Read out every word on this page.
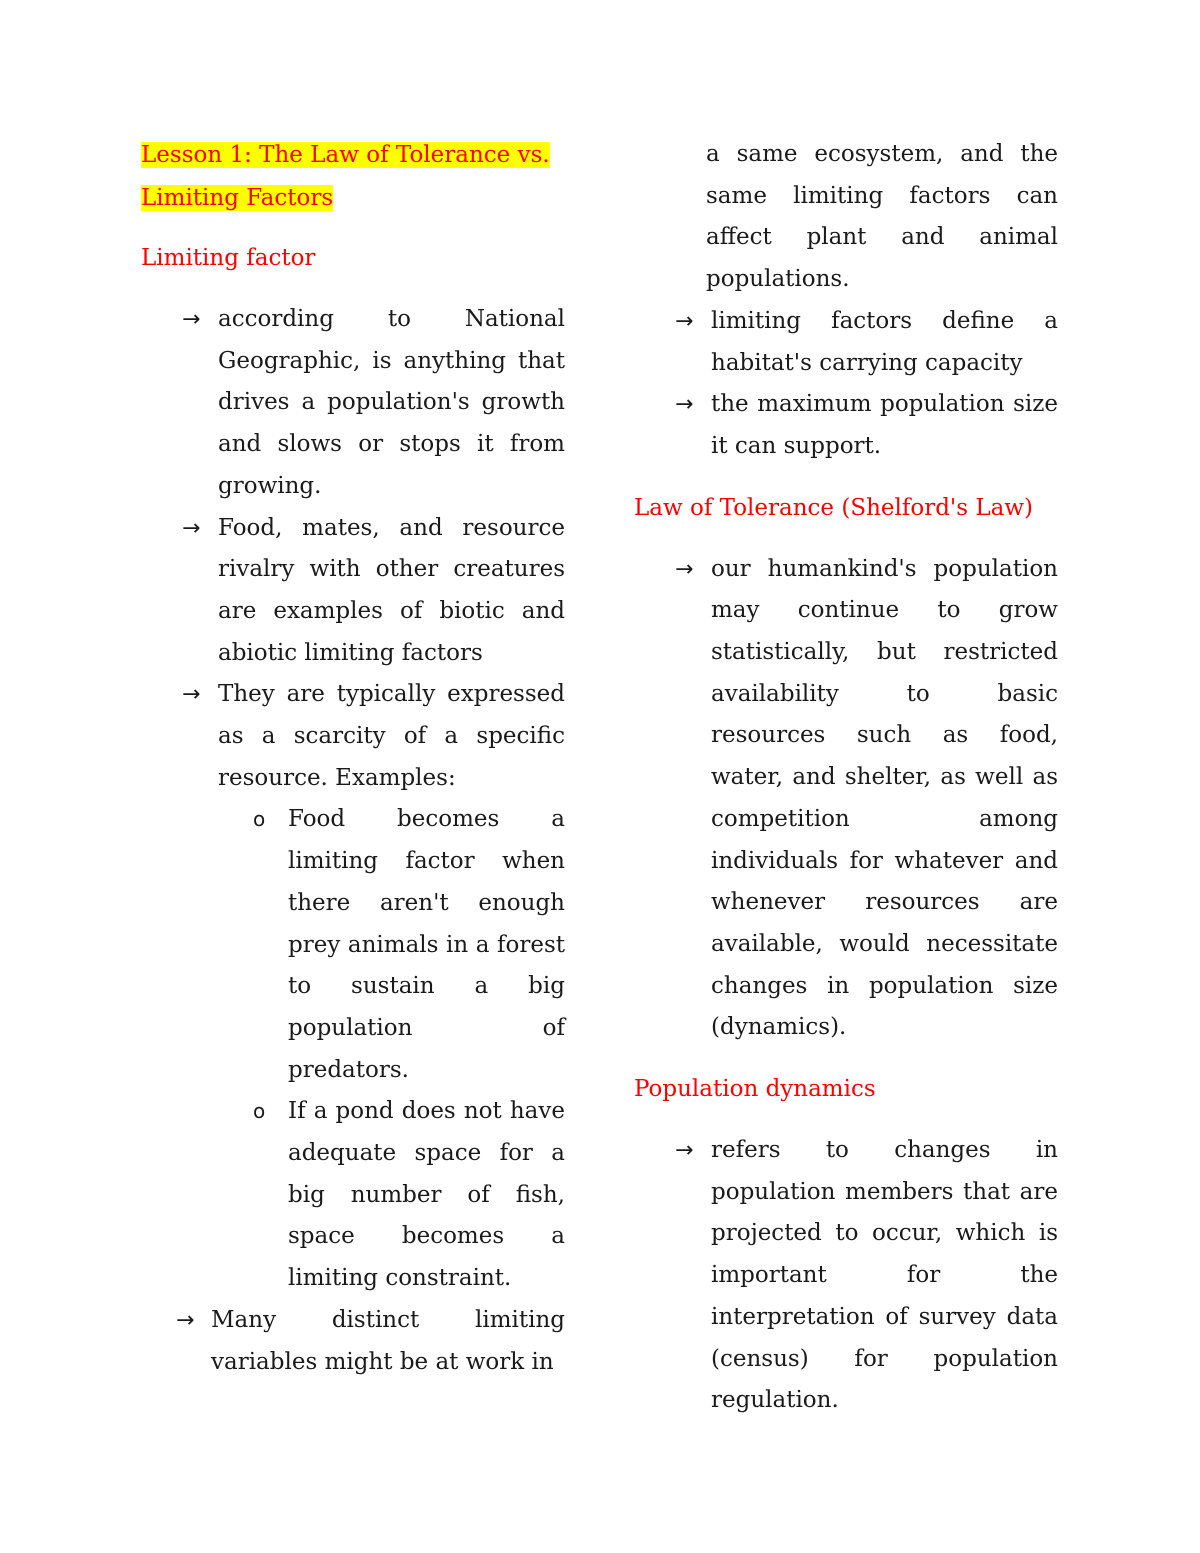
Lesson 1: The Law of Tolerance vs.
Limiting Factors
Limiting factor
→ according to National Geographic, is anything that drives a population's growth and slows or stops it from growing.
→ Food, mates, and resource rivalry with other creatures are examples of biotic and abiotic limiting factors
→ They are typically expressed as a scarcity of a specific resource. Examples:
o Food becomes a limiting factor when there aren't enough prey animals in a forest to sustain a big population of predators.
o If a pond does not have adequate space for a big number of fish, space becomes a limiting constraint.
→ Many distinct limiting variables might be at work in

a same ecosystem, and the same limiting factors can affect plant and animal populations.

→ limiting factors define a habitat's carrying capacity
→ the maximum population size it can support.
Law of Tolerance (Shelford's Law)
→ our humankind's population may continue to grow statistically, but restricted availability to basic resources such as food, water, and shelter, as well as competition among individuals for whatever and whenever resources are available, would necessitate changes in population size (dynamics).
Population dynamics
→ refers to changes in population members that are projected to occur, which is important for the interpretation of survey data (census) for population regulation.
